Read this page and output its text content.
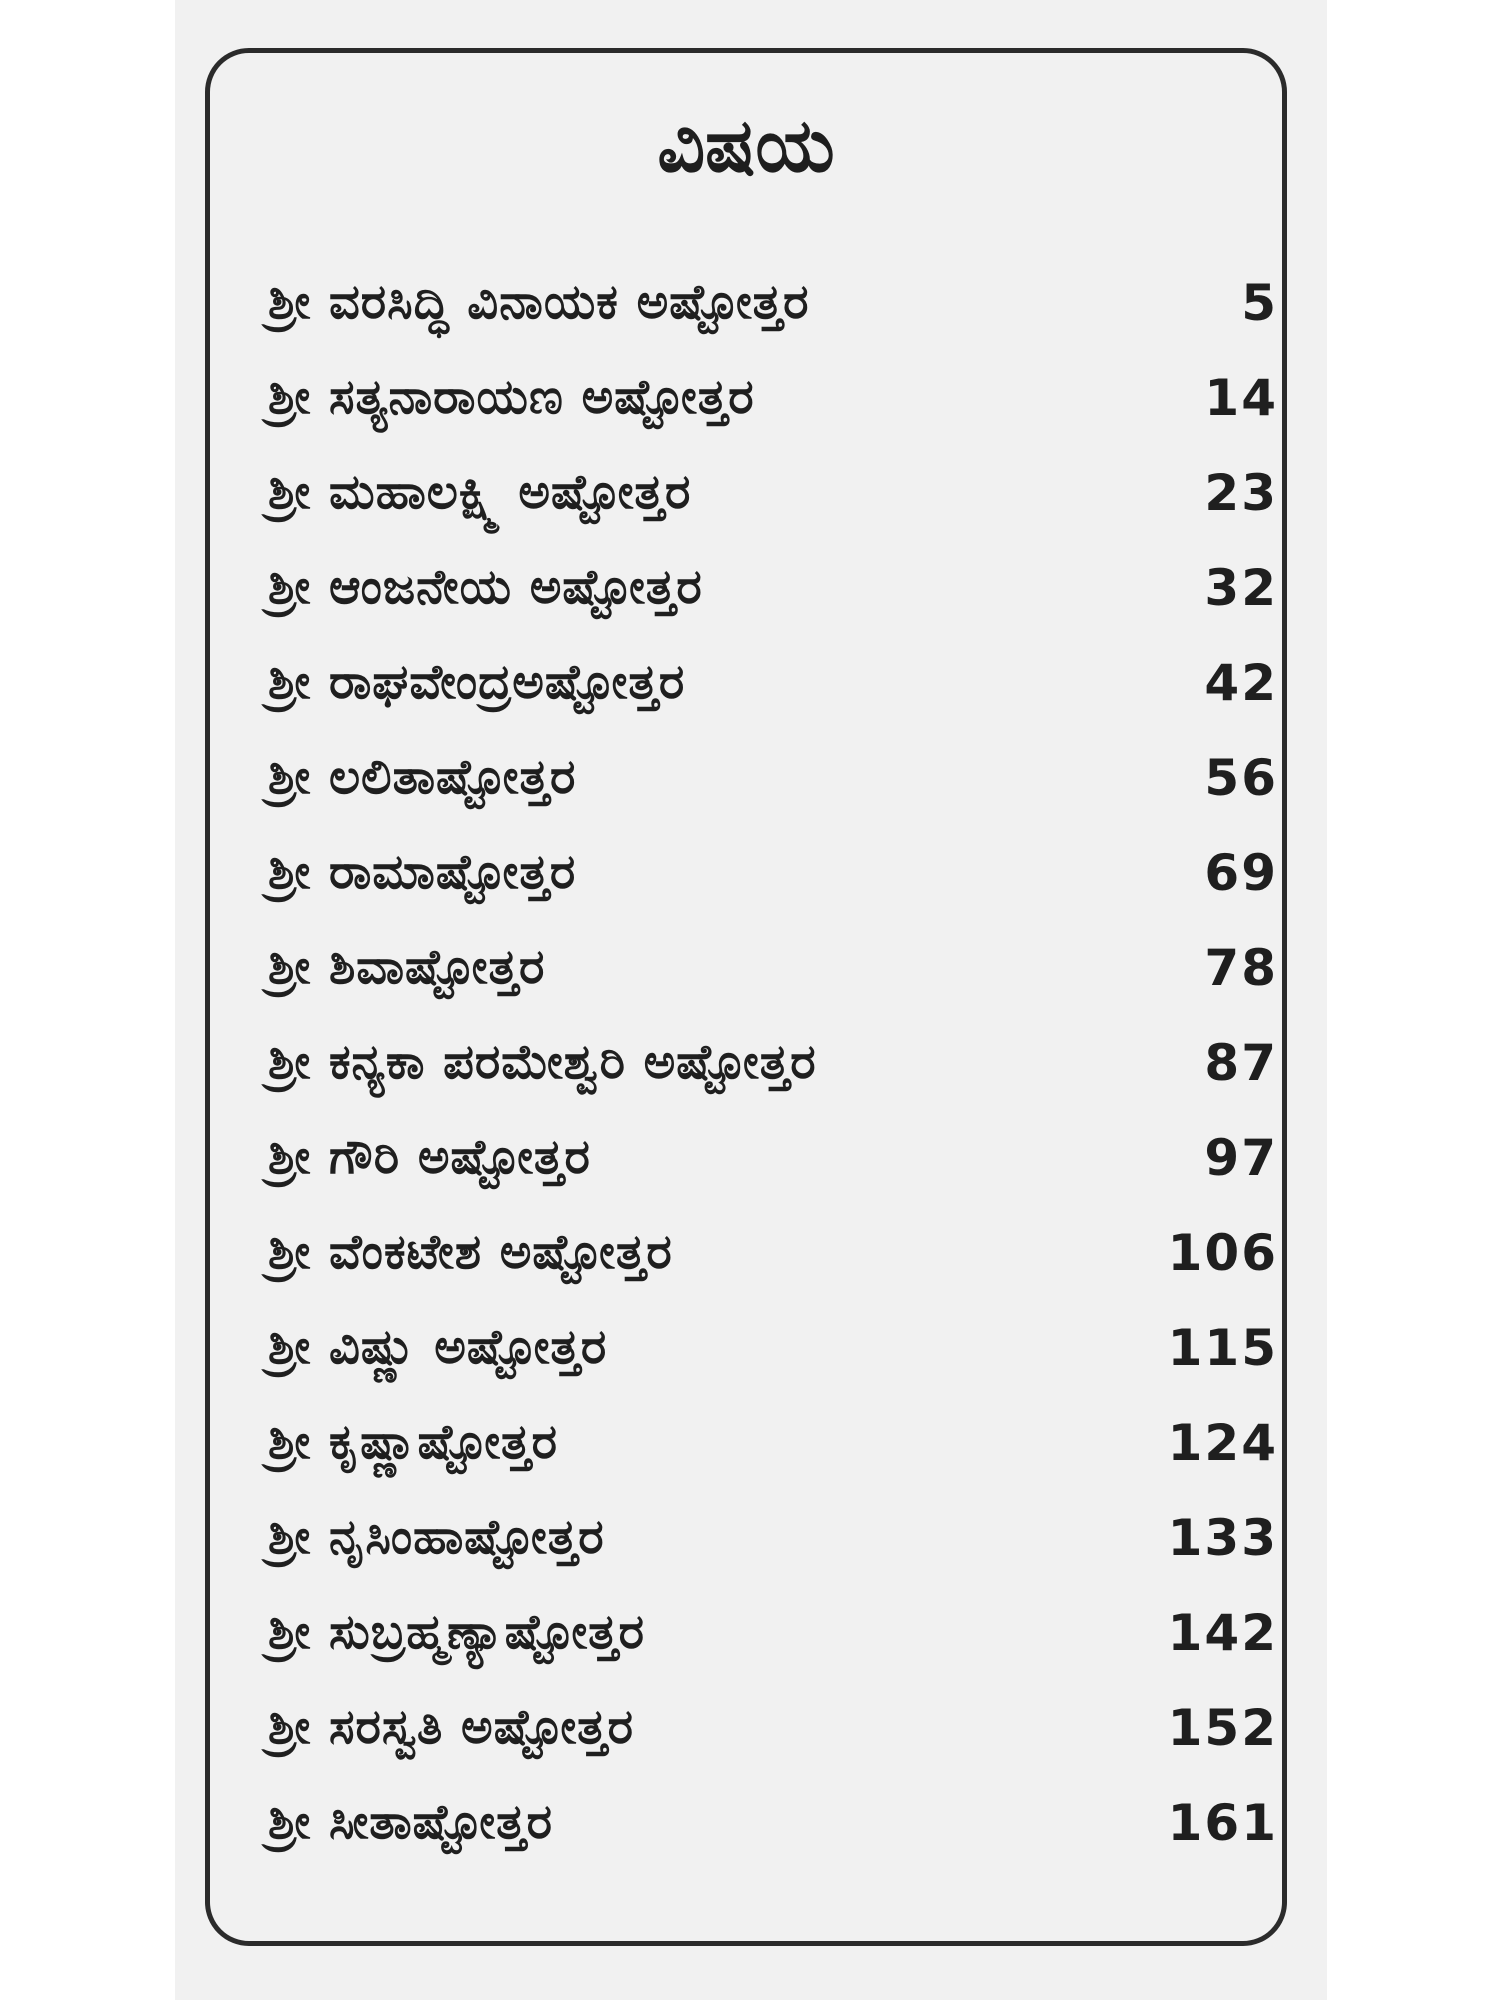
ವಿಷಯ
ಶ್ರೀ ವರಸಿದ್ಧಿ ವಿನಾಯಕ ಅಷ್ಟೋತ್ತರ	5
ಶ್ರೀ ಸತ್ಯನಾರಾಯಣ ಅಷ್ಟೋತ್ತರ	14
ಶ್ರೀ ಮಹಾಲಕ್ಷ್ಮಿ ಅಷ್ಟೋತ್ತರ	23
ಶ್ರೀ ಆಂಜನೇಯ ಅಷ್ಟೋತ್ತರ	32
ಶ್ರೀ ರಾಘವೇಂದ್ರಅಷ್ಟೋತ್ತರ	42
ಶ್ರೀ ಲಲಿತಾಷ್ಟೋತ್ತರ	56
ಶ್ರೀ ರಾಮಾಷ್ಟೋತ್ತರ	69
ಶ್ರೀ ಶಿವಾಷ್ಟೋತ್ತರ	78
ಶ್ರೀ ಕನ್ಯಕಾ ಪರಮೇಶ್ವರಿ ಅಷ್ಟೋತ್ತರ	87
ಶ್ರೀ ಗೌರಿ ಅಷ್ಟೋತ್ತರ	97
ಶ್ರೀ ವೆಂಕಟೇಶ ಅಷ್ಟೋತ್ತರ	106
ಶ್ರೀ ವಿಷ್ಣು ಅಷ್ಟೋತ್ತರ	115
ಶ್ರೀ ಕೃಷ್ಣಾಷ್ಟೋತ್ತರ	124
ಶ್ರೀ ನೃಸಿಂಹಾಷ್ಟೋತ್ತರ	133
ಶ್ರೀ ಸುಬ್ರಹ್ಮಣ್ಯಾಷ್ಟೋತ್ತರ	142
ಶ್ರೀ ಸರಸ್ವತಿ ಅಷ್ಟೋತ್ತರ	152
ಶ್ರೀ ಸೀತಾಷ್ಟೋತ್ತರ	161
